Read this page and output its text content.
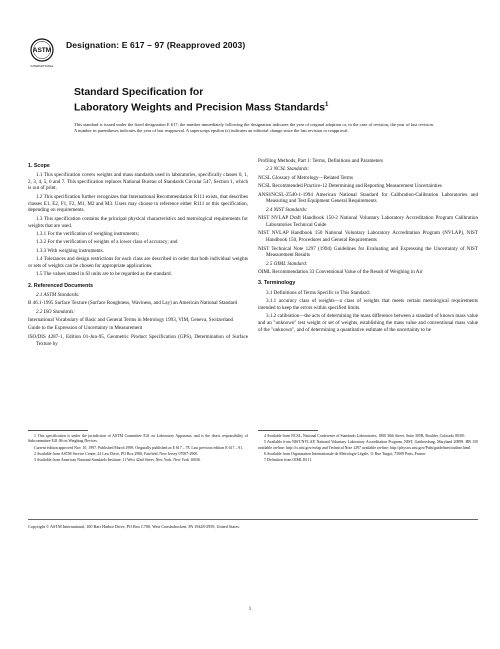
ASTM
INTERNATIONAL
Designation: E 617 – 97 (Reapproved 2003)
Standard Specification for
Laboratory Weights and Precision Mass Standards$^1$
This standard is issued under the fixed designation E 617; the number immediately following the designation indicates the year of original adoption or, in the case of revision, the year of last revision. A number in parentheses indicates the year of last reapproval. A superscript epsilon (ε) indicates an editorial change since the last revision or reapproval.
1. Scope

1.1 This specification covers weights and mass standards used in laboratories, specifically classes 0, 1, 2, 3, 4, 5, 6 and 7. This specification replaces National Bureau of Standards Circular 547, Section 1, which is out of print.

1.2 This specification further recognizes that International Recommendation R111 exists, that describes classes E1, E2, F1, F2, M1, M2 and M3. Users may choose to reference either R111 or this specification, depending on requirements.

1.3 This specification contains the principal physical characteristics and metrological requirements for weights that are used.

1.3.1 For the verification of weighing instruments;

1.3.2 For the verification of weights of a lower class of accuracy; and

1.3.3 With weighing instruments.

1.4 Tolerances and design restrictions for each class are described in order that both individual weights or sets of weights can be chosen for appropriate applications.

1.5 The values stated in SI units are to be regarded as the standard.

2. Referenced Documents

2.1 ASTM Standards:

B 46.1-1995 Surface Texture (Surface Roughness, Waviness, and Lay) an American National Standard

2.2 ISO Standards:

International Vocabulary of Basic and General Terms in Metrology 1993, VIM, Geneva, Switzerland

Guide to the Expression of Uncertainty in Measurement

ISO/DIS 4287-1, Edition 01-Jun-95, Geometric Product Specification (GPS), Determination of Surface Texture by

Profiling Methods, Part 1: Terms, Definitions and Parameters

2.3 NCSL Standards:

NCSL Glossary of Metrology—Related Terms

NCSL Recommended Practice-12 Determining and Reporting Measurement Uncertainties

ANSI/NCSL-Z540-1-1994 American National Standard for Calibration-Calibration Laboratories and Measuring and Test Equipment General Requirements

2.4 NIST Standards:

NIST NVLAP Draft Handbook 150-2 National Voluntary Laboratory Accreditation Program Calibration Laboratories Technical Guide

NIST NVLAP Handbook 150 National Voluntary Laboratory Accreditation Program (NVLAP), NIST Handbook 150, Procedures and General Requirements

NIST Technical Note 1297 (1994) Guidelines for Evaluating and Expressing the Uncertainty of NIST Measurement Results

2.5 OIML Standard:

OIML Recommendation 33 Conventional Value of the Result of Weighing in Air

3. Terminology

3.1 Definitions of Terms Specific to This Standard:

3.1.1 accuracy class of weights—a class of weights that meets certain metrological requirements intended to keep the errors within specified limits.

3.1.2 calibration—the acts of determining the mass difference between a standard of known mass value and an "unknown" test weight or set of weights, establishing the mass value and conventional mass value of the "unknown", and of determining a quantitative estimate of the uncertainty to be

1 This specification is under the jurisdiction of ASTM Committee E41 on Laboratory Apparatus, and is the direct responsibility of Subcommittee E41.06 on Weighing Devices.

Current edition approved Nov. 10, 1997. Published March 1998. Originally published as E 617 – 78. Last previous edition E 617 – 91.

2 Available from ASTM Service Center, 22 Law Drive, PO Box 2900, Fairfield, New Jersey 07007-2900.

3 Available from American National Standards Institute, 11 West 42nd Street, New York, New York 10036.

4 Available from NCSL, National Conference of Standards Laboratories, 1800 30th Street, Suite 305B, Boulder, Colorado 80301.

5 Available from NIST/NVLAP, National Voluntary Laboratory Accreditation Program, NIST, Gaithersburg, Maryland 20899. HB 150 available on-line: http://ts.nist.gov/nvlap and Technical Note 1297 available on-line: http://physics.nist.gov/Pubs/guidelines/outline.html.

6 Available from Organisation Internationale de Métrologie Légale, 11 Rue Turgot, 75009 Paris, France.

7 Definition from OIML R111.

Copyright © ASTM International, 100 Barr Harbor Drive, PO Box C700, West Conshohocken, PA 19428-2959, United States.
1
